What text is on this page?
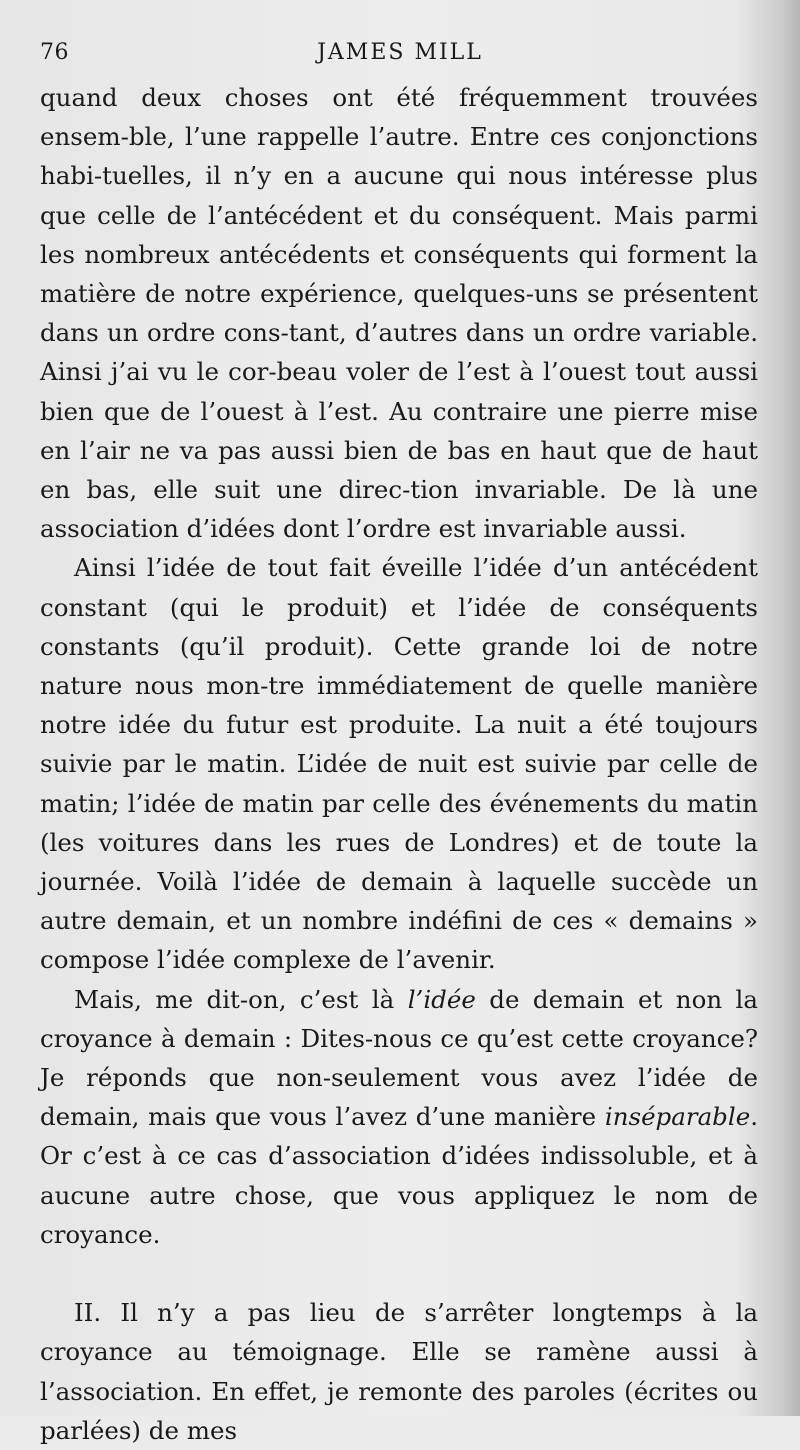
76	JAMES MILL

quand deux choses ont été fréquemment trouvées ensem-ble, l’une rappelle l’autre. Entre ces conjonctions habi-tuelles, il n’y en a aucune qui nous intéresse plus que celle de l’antécédent et du conséquent. Mais parmi les nombreux antécédents et conséquents qui forment la matière de notre expérience, quelques-uns se présentent dans un ordre cons-tant, d’autres dans un ordre variable. Ainsi j’ai vu le cor-beau voler de l’est à l’ouest tout aussi bien que de l’ouest à l’est. Au contraire une pierre mise en l’air ne va pas aussi bien de bas en haut que de haut en bas, elle suit une direc-tion invariable. De là une association d’idées dont l’ordre est invariable aussi.

Ainsi l’idée de tout fait éveille l’idée d’un antécédent constant (qui le produit) et l’idée de conséquents constants (qu’il produit). Cette grande loi de notre nature nous mon-tre immédiatement de quelle manière notre idée du futur est produite. La nuit a été toujours suivie par le matin. L’idée de nuit est suivie par celle de matin; l’idée de matin par celle des événements du matin (les voitures dans les rues de Londres) et de toute la journée. Voilà l’idée de demain à laquelle succède un autre demain, et un nombre indéfini de ces « demains » compose l’idée complexe de l’avenir.

Mais, me dit-on, c’est là l’idée de demain et non la croyance à demain : Dites-nous ce qu’est cette croyance? Je réponds que non-seulement vous avez l’idée de demain, mais que vous l’avez d’une manière inséparable. Or c’est à ce cas d’association d’idées indissoluble, et à aucune autre chose, que vous appliquez le nom de croyance.

II. Il n’y a pas lieu de s’arrêter longtemps à la croyance au témoignage. Elle se ramène aussi à l’association. En effet, je remonte des paroles (écrites ou parlées) de mes
